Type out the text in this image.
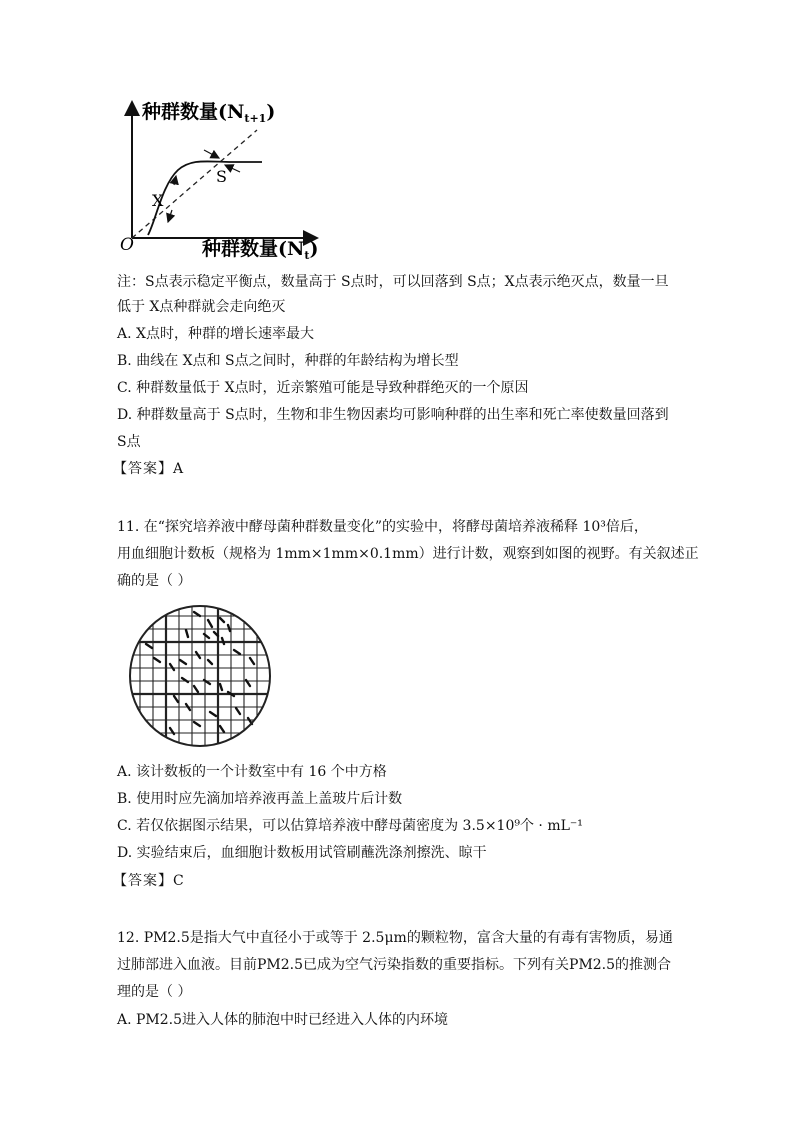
种群数量$(N_{t+1})$
种群数量$(N_t)$
O
X
S
注：S点表示稳定平衡点，数量高于 S点时，可以回落到 S点；X点表示绝灭点，数量一旦
低于 X点种群就会走向绝灭
A. X点时，种群的增长速率最大
B. 曲线在 X点和 S点之间时，种群的年龄结构为增长型
C. 种群数量低于 X点时，近亲繁殖可能是导致种群绝灭的一个原因
D. 种群数量高于 S点时，生物和非生物因素均可影响种群的出生率和死亡率使数量回落到
S点
【答案】A
11. 在“探究培养液中酵母菌种群数量变化”的实验中，将酵母菌培养液稀释 10³倍后，
用血细胞计数板（规格为 1mm×1mm×0.1mm）进行计数，观察到如图的视野。有关叙述正
确的是（ ）
A. 该计数板的一个计数室中有 16 个中方格
B. 使用时应先滴加培养液再盖上盖玻片后计数
C. 若仅依据图示结果，可以估算培养液中酵母菌密度为 3.5×10⁹个 · mL⁻¹
D. 实验结束后，血细胞计数板用试管刷蘸洗涤剂擦洗、晾干
【答案】C
12. PM2.5是指大气中直径小于或等于 2.5μm的颗粒物，富含大量的有毒有害物质，易通
过肺部进入血液。目前PM2.5已成为空气污染指数的重要指标。下列有关PM2.5的推测合
理的是（ ）
A. PM2.5进入人体的肺泡中时已经进入人体的内环境
